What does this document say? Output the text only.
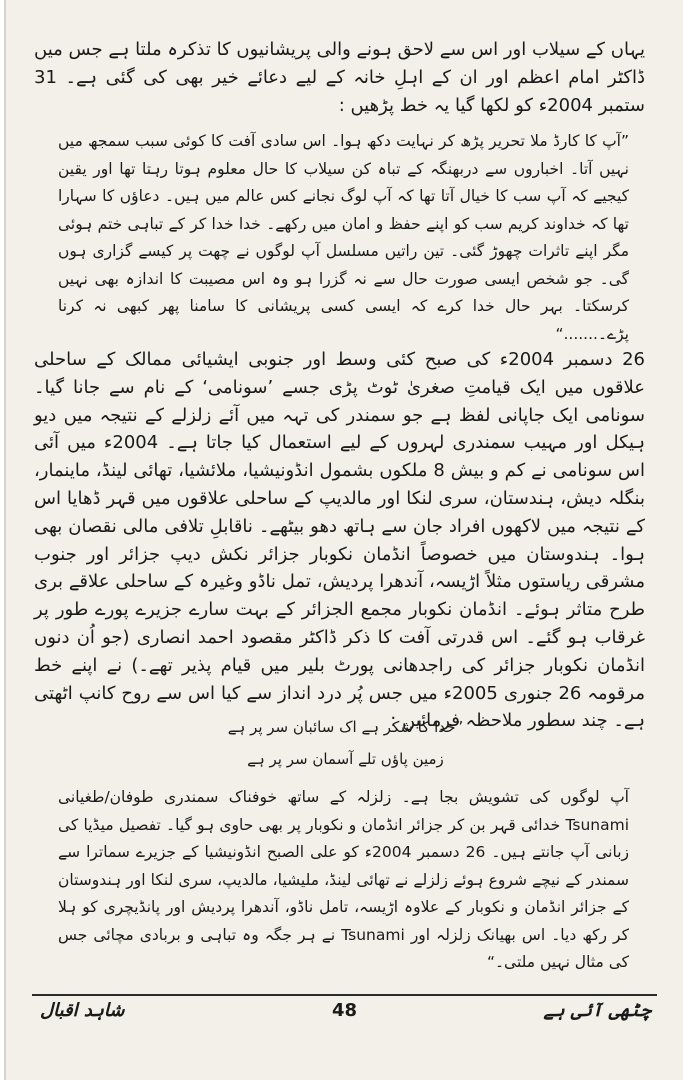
یہاں کے سیلاب اور اس سے لاحق ہونے والی پریشانیوں کا تذکرہ ملتا ہے جس میں ڈاکٹر امام اعظم اور ان کے اہلِ خانہ کے لیے دعائے خیر بھی کی گئی ہے۔ 31 ستمبر 2004ء کو لکھا گیا یہ خط پڑھیں :

”آپ کا کارڈ ملا تحریر پڑھ کر نہایت دکھ ہوا۔ اس سادی آفت کا کوئی سبب سمجھ میں نہیں آتا۔ اخباروں سے دربھنگہ کے تباہ کن سیلاب کا حال معلوم ہوتا رہتا تھا اور یقین کیجیے کہ آپ سب کا خیال آتا تھا کہ آپ لوگ نجانے کس عالم میں ہیں۔ دعاؤں کا سہارا تھا کہ خداوند کریم سب کو اپنے حفظ و امان میں رکھے۔ خدا خدا کر کے تباہی ختم ہوئی مگر اپنے تاثرات چھوڑ گئی۔ تین راتیں مسلسل آپ لوگوں نے چھت پر کیسے گزاری ہوں گی۔ جو شخص ایسی صورت حال سے نہ گزرا ہو وہ اس مصیبت کا اندازہ بھی نہیں کرسکتا۔ بہر حال خدا کرے کہ ایسی کسی پریشانی کا سامنا پھر کبھی نہ کرنا پڑے۔.......“

26 دسمبر 2004ء کی صبح کئی وسط اور جنوبی ایشیائی ممالک کے ساحلی علاقوں میں ایک قیامتِ صغریٰ ٹوٹ پڑی جسے ’سونامی‘ کے نام سے جانا گیا۔ سونامی ایک جاپانی لفظ ہے جو سمندر کی تہہ میں آئے زلزلے کے نتیجہ میں دیو ہیکل اور مہیب سمندری لہروں کے لیے استعمال کیا جاتا ہے۔ 2004ء میں آئی اس سونامی نے کم و بیش 8 ملکوں بشمول انڈونیشیا، ملائشیا، تھائی لینڈ، ماینمار، بنگلہ دیش، ہندستان، سری لنکا اور مالدیپ کے ساحلی علاقوں میں قہر ڈھایا اس کے نتیجہ میں لاکھوں افراد جان سے ہاتھ دھو بیٹھے۔ ناقابلِ تلافی مالی نقصان بھی ہوا۔ ہندوستان میں خصوصاً انڈمان نکوبار جزائر نکش دیپ جزائر اور جنوب مشرقی ریاستوں مثلاً اڑیسہ، آندھرا پردیش، تمل ناڈو وغیرہ کے ساحلی علاقے بری طرح متاثر ہوئے۔ انڈمان نکوبار مجمع الجزائر کے بہت سارے جزیرے پورے طور پر غرقاب ہو گئے۔ اس قدرتی آفت کا ذکر ڈاکٹر مقصود احمد انصاری (جو اُن دنوں انڈمان نکوبار جزائر کی راجدھانی پورٹ بلیر میں قیام پذیر تھے۔) نے اپنے خط مرقومہ 26 جنوری 2005ء میں جس پُر درد انداز سے کیا اس سے روح کانپ اٹھتی ہے۔ چند سطور ملاحظہ فرمائیں :

”خدا کا شکر ہے اک سائبان سر پر ہے

زمین پاؤں تلے آسمان سر پر ہے

آپ لوگوں کی تشویش بجا ہے۔ زلزلہ کے ساتھ خوفناک سمندری طوفان/طغیانی Tsunami خدائی قہر بن کر جزائر انڈمان و نکوبار پر بھی حاوی ہو گیا۔ تفصیل میڈیا کی زبانی آپ جانتے ہیں۔ 26 دسمبر 2004ء کو علی الصبح انڈونیشیا کے جزیرے سماترا سے سمندر کے نیچے شروع ہوئے زلزلے نے تھائی لینڈ، ملیشیا، مالدیپ، سری لنکا اور ہندوستان کے جزائر انڈمان و نکوبار کے علاوہ اڑیسہ، تامل ناڈو، آندھرا پردیش اور پانڈیچری کو ہلا کر رکھ دیا۔ اس بھیانک زلزلہ اور Tsunami نے ہر جگہ وہ تباہی و بربادی مچائی جس کی مثال نہیں ملتی۔“

چٹھی آئی ہے
48
شاہد اقبال
